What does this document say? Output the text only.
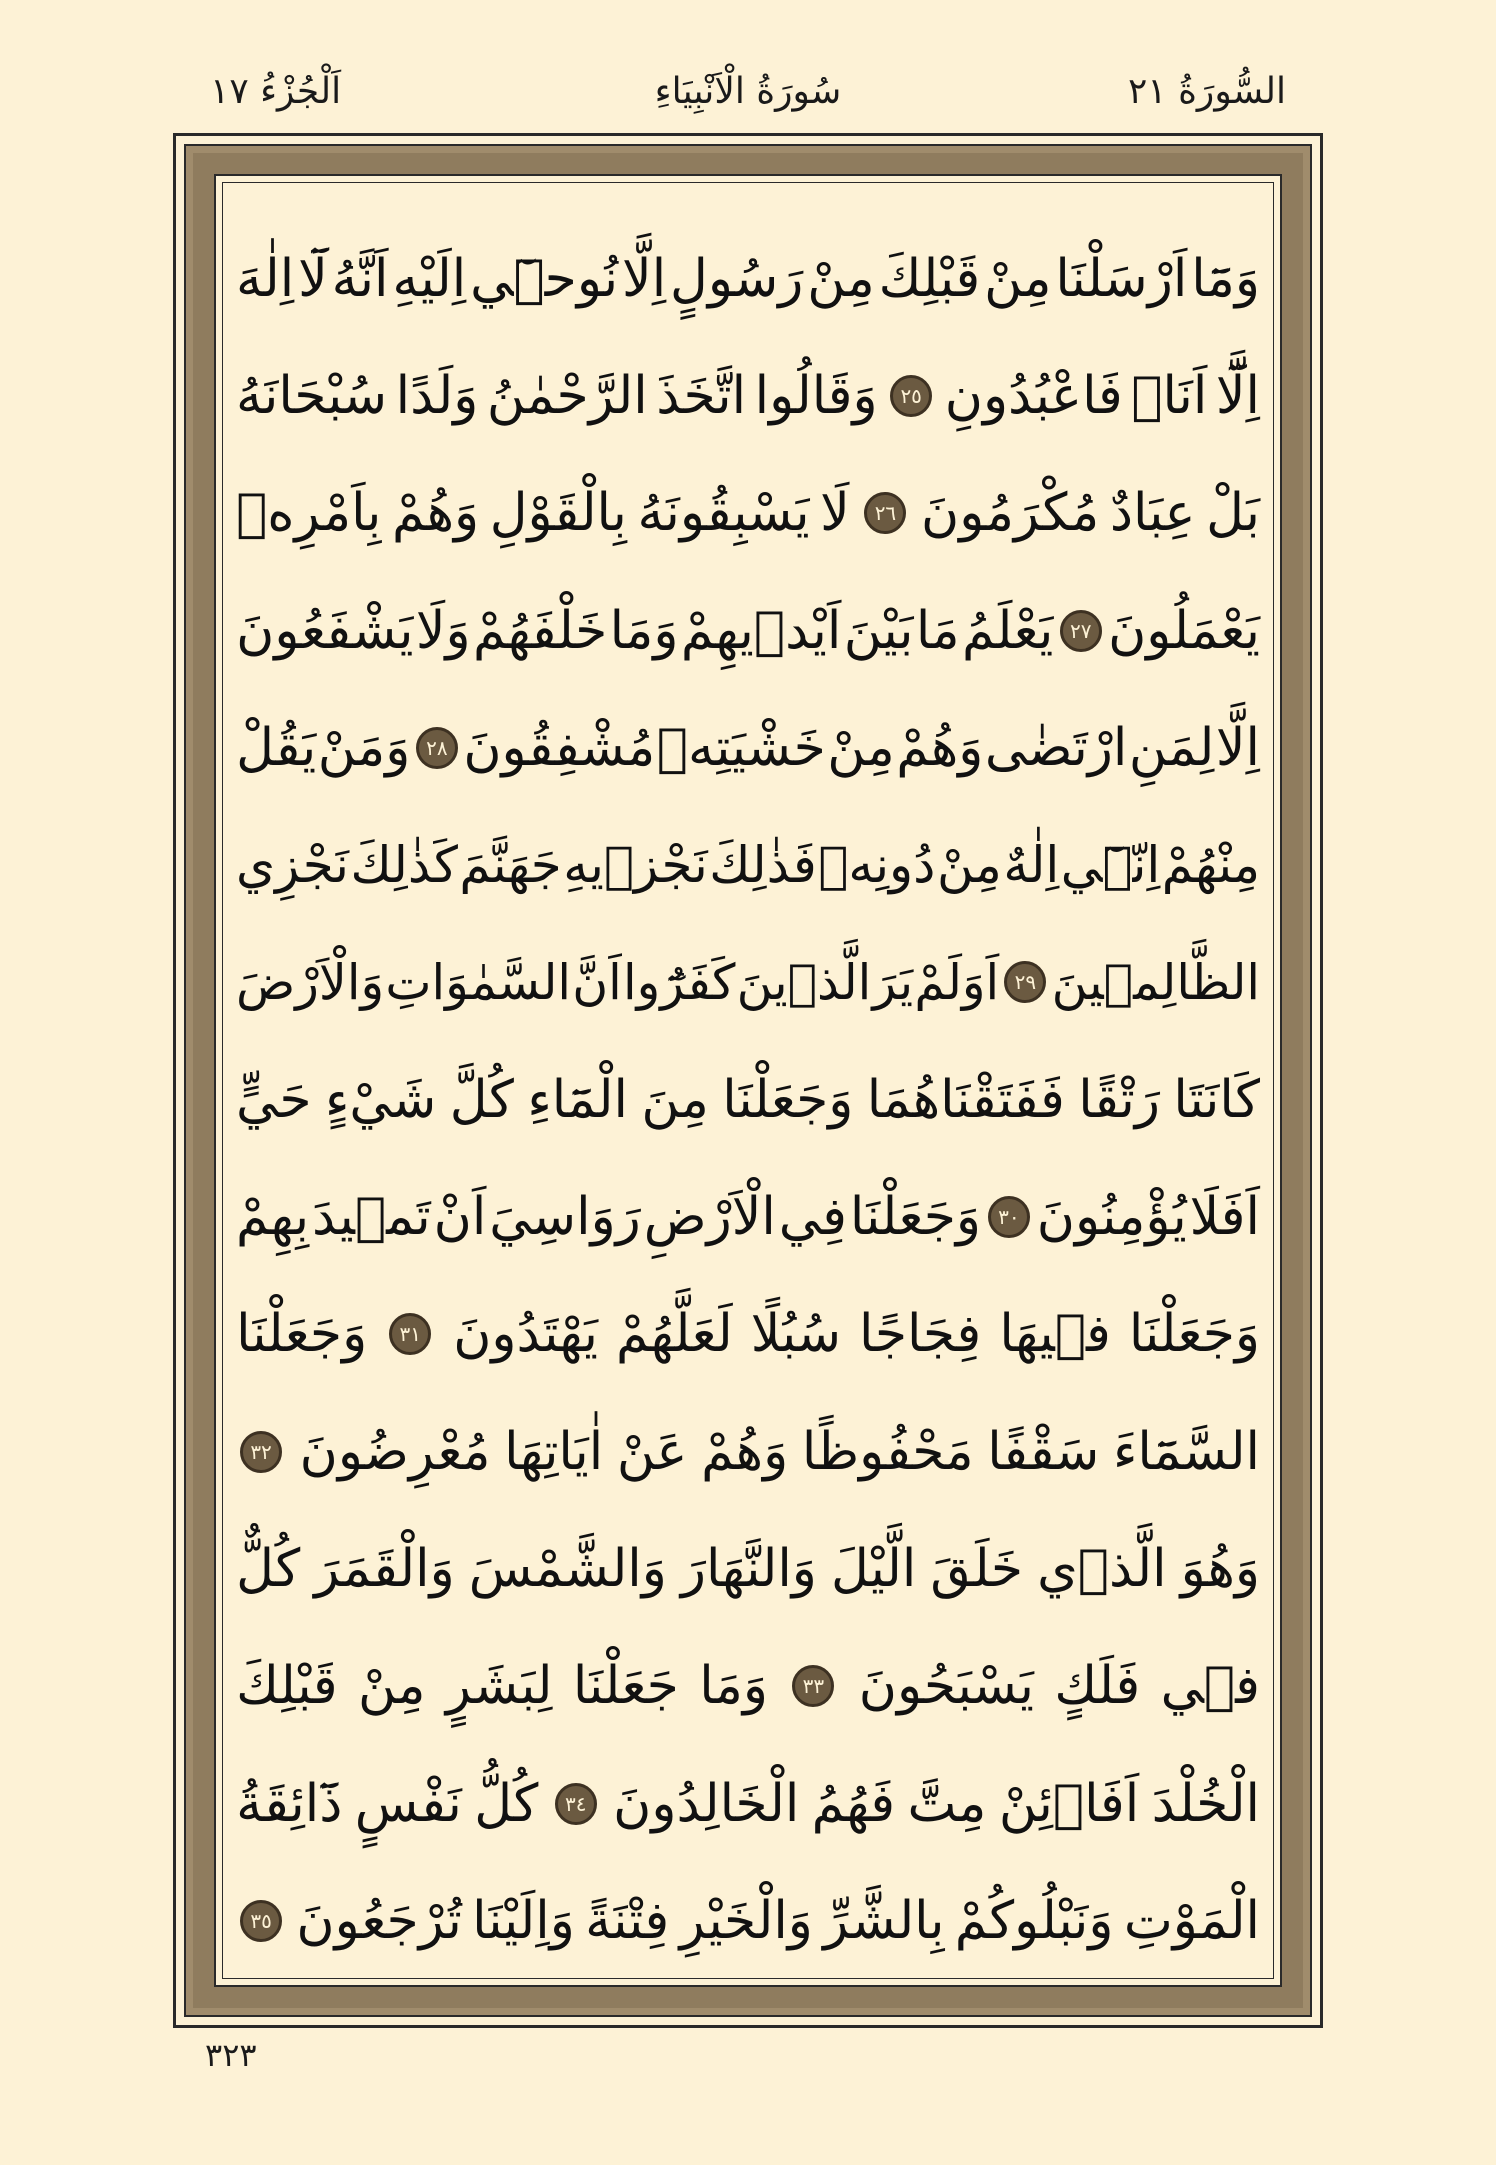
السُّورَةُ ٢١
سُورَةُ الْاَنْبِيَاءِ
اَلْجُزْءُ ١٧
وَمَٓا
اَرْسَلْنَا
مِنْ
قَبْلِكَ
مِنْ
رَسُولٍ
اِلَّا
نُوحٖٓي
اِلَيْهِ
اَنَّهُ
لَٓا
اِلٰهَ
اِلَّٓا
اَنَا۬
فَاعْبُدُونِ
٢٥
وَقَالُوا
اتَّخَذَ
الرَّحْمٰنُ
وَلَدًا
سُبْحَانَهُ
بَلْ
عِبَادٌ
مُكْرَمُونَ
٢٦
لَا
يَسْبِقُونَهُ
بِالْقَوْلِ
وَهُمْ
بِاَمْرِهٖ
يَعْمَلُونَ
٢٧
يَعْلَمُ
مَا
بَيْنَ
اَيْد۪يهِمْ
وَمَا
خَلْفَهُمْ
وَلَا
يَشْفَعُونَ
اِلَّا
لِمَنِ
ارْتَضٰى
وَهُمْ
مِنْ
خَشْيَتِهٖ
مُشْفِقُونَ
٢٨
وَمَنْ
يَقُلْ
مِنْهُمْ
اِنّ۪ٓي
اِلٰهٌ
مِنْ
دُونِهٖ
فَذٰلِكَ
نَجْز۪يهِ
جَهَنَّمَ
كَذٰلِكَ
نَجْزِي
الظَّالِم۪ينَ
٢٩
اَوَلَمْ
يَرَ
الَّذ۪ينَ
كَفَرُٓوا
اَنَّ
السَّمٰوَاتِ
وَالْاَرْضَ
كَانَتَا
رَتْقًا
فَفَتَقْنَاهُمَا
وَجَعَلْنَا
مِنَ
الْمَٓاءِ
كُلَّ
شَيْءٍ
حَيٍّ
اَفَلَا
يُؤْمِنُونَ
٣٠
وَجَعَلْنَا
فِي
الْاَرْضِ
رَوَاسِيَ
اَنْ
تَم۪يدَ
بِهِمْ
وَجَعَلْنَا
ف۪يهَا
فِجَاجًا
سُبُلًا
لَعَلَّهُمْ
يَهْتَدُونَ
٣١
وَجَعَلْنَا
السَّمَٓاءَ
سَقْفًا
مَحْفُوظًا
وَهُمْ
عَنْ
اٰيَاتِهَا
مُعْرِضُونَ
٣٢
وَهُوَ
الَّذ۪ي
خَلَقَ
الَّيْلَ
وَالنَّهَارَ
وَالشَّمْسَ
وَالْقَمَرَ
كُلٌّ
ف۪ي
فَلَكٍ
يَسْبَحُونَ
٣٣
وَمَا
جَعَلْنَا
لِبَشَرٍ
مِنْ
قَبْلِكَ
الْخُلْدَ
اَفَا۬ئِنْ
مِتَّ
فَهُمُ
الْخَالِدُونَ
٣٤
كُلُّ
نَفْسٍ
ذَٓائِقَةُ
الْمَوْتِ
وَنَبْلُوكُمْ
بِالشَّرِّ
وَالْخَيْرِ
فِتْنَةً
وَاِلَيْنَا
تُرْجَعُونَ
٣٥
٣٢٣
